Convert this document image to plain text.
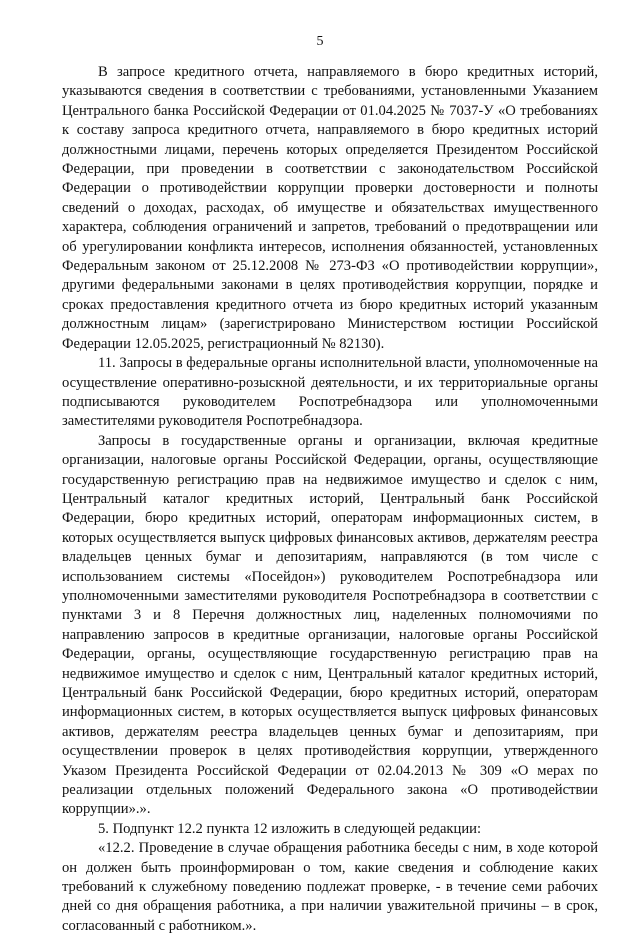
5

В запросе кредитного отчета, направляемого в бюро кредитных историй, указываются сведения в соответствии с требованиями, установленными Указанием Центрального банка Российской Федерации от 01.04.2025 № 7037-У «О требованиях к составу запроса кредитного отчета, направляемого в бюро кредитных историй должностными лицами, перечень которых определяется Президентом Российской Федерации, при проведении в соответствии с законодательством Российской Федерации о противодействии коррупции проверки достоверности и полноты сведений о доходах, расходах, об имуществе и обязательствах имущественного характера, соблюдения ограничений и запретов, требований о предотвращении или об урегулировании конфликта интересов, исполнения обязанностей, установленных Федеральным законом от 25.12.2008 № 273-ФЗ «О противодействии коррупции», другими федеральными законами в целях противодействия коррупции, порядке и сроках предоставления кредитного отчета из бюро кредитных историй указанным должностным лицам» (зарегистрировано Министерством юстиции Российской Федерации 12.05.2025, регистрационный № 82130).

11. Запросы в федеральные органы исполнительной власти, уполномоченные на осуществление оперативно-розыскной деятельности, и их территориальные органы подписываются руководителем Роспотребнадзора или уполномоченными заместителями руководителя Роспотребнадзора.

Запросы в государственные органы и организации, включая кредитные организации, налоговые органы Российской Федерации, органы, осуществляющие государственную регистрацию прав на недвижимое имущество и сделок с ним, Центральный каталог кредитных историй, Центральный банк Российской Федерации, бюро кредитных историй, операторам информационных систем, в которых осуществляется выпуск цифровых финансовых активов, держателям реестра владельцев ценных бумаг и депозитариям, направляются (в том числе с использованием системы «Посейдон») руководителем Роспотребнадзора или уполномоченными заместителями руководителя Роспотребнадзора в соответствии с пунктами 3 и 8 Перечня должностных лиц, наделенных полномочиями по направлению запросов в кредитные организации, налоговые органы Российской Федерации, органы, осуществляющие государственную регистрацию прав на недвижимое имущество и сделок с ним, Центральный каталог кредитных историй, Центральный банк Российской Федерации, бюро кредитных историй, операторам информационных систем, в которых осуществляется выпуск цифровых финансовых активов, держателям реестра владельцев ценных бумаг и депозитариям, при осуществлении проверок в целях противодействия коррупции, утвержденного Указом Президента Российской Федерации от 02.04.2013 № 309 «О мерах по реализации отдельных положений Федерального закона «О противодействии коррупции».».

5. Подпункт 12.2 пункта 12 изложить в следующей редакции:

«12.2. Проведение в случае обращения работника беседы с ним, в ходе которой он должен быть проинформирован о том, какие сведения и соблюдение каких требований к служебному поведению подлежат проверке, - в течение семи рабочих дней со дня обращения работника, а при наличии уважительной причины – в срок, согласованный с работником.».
